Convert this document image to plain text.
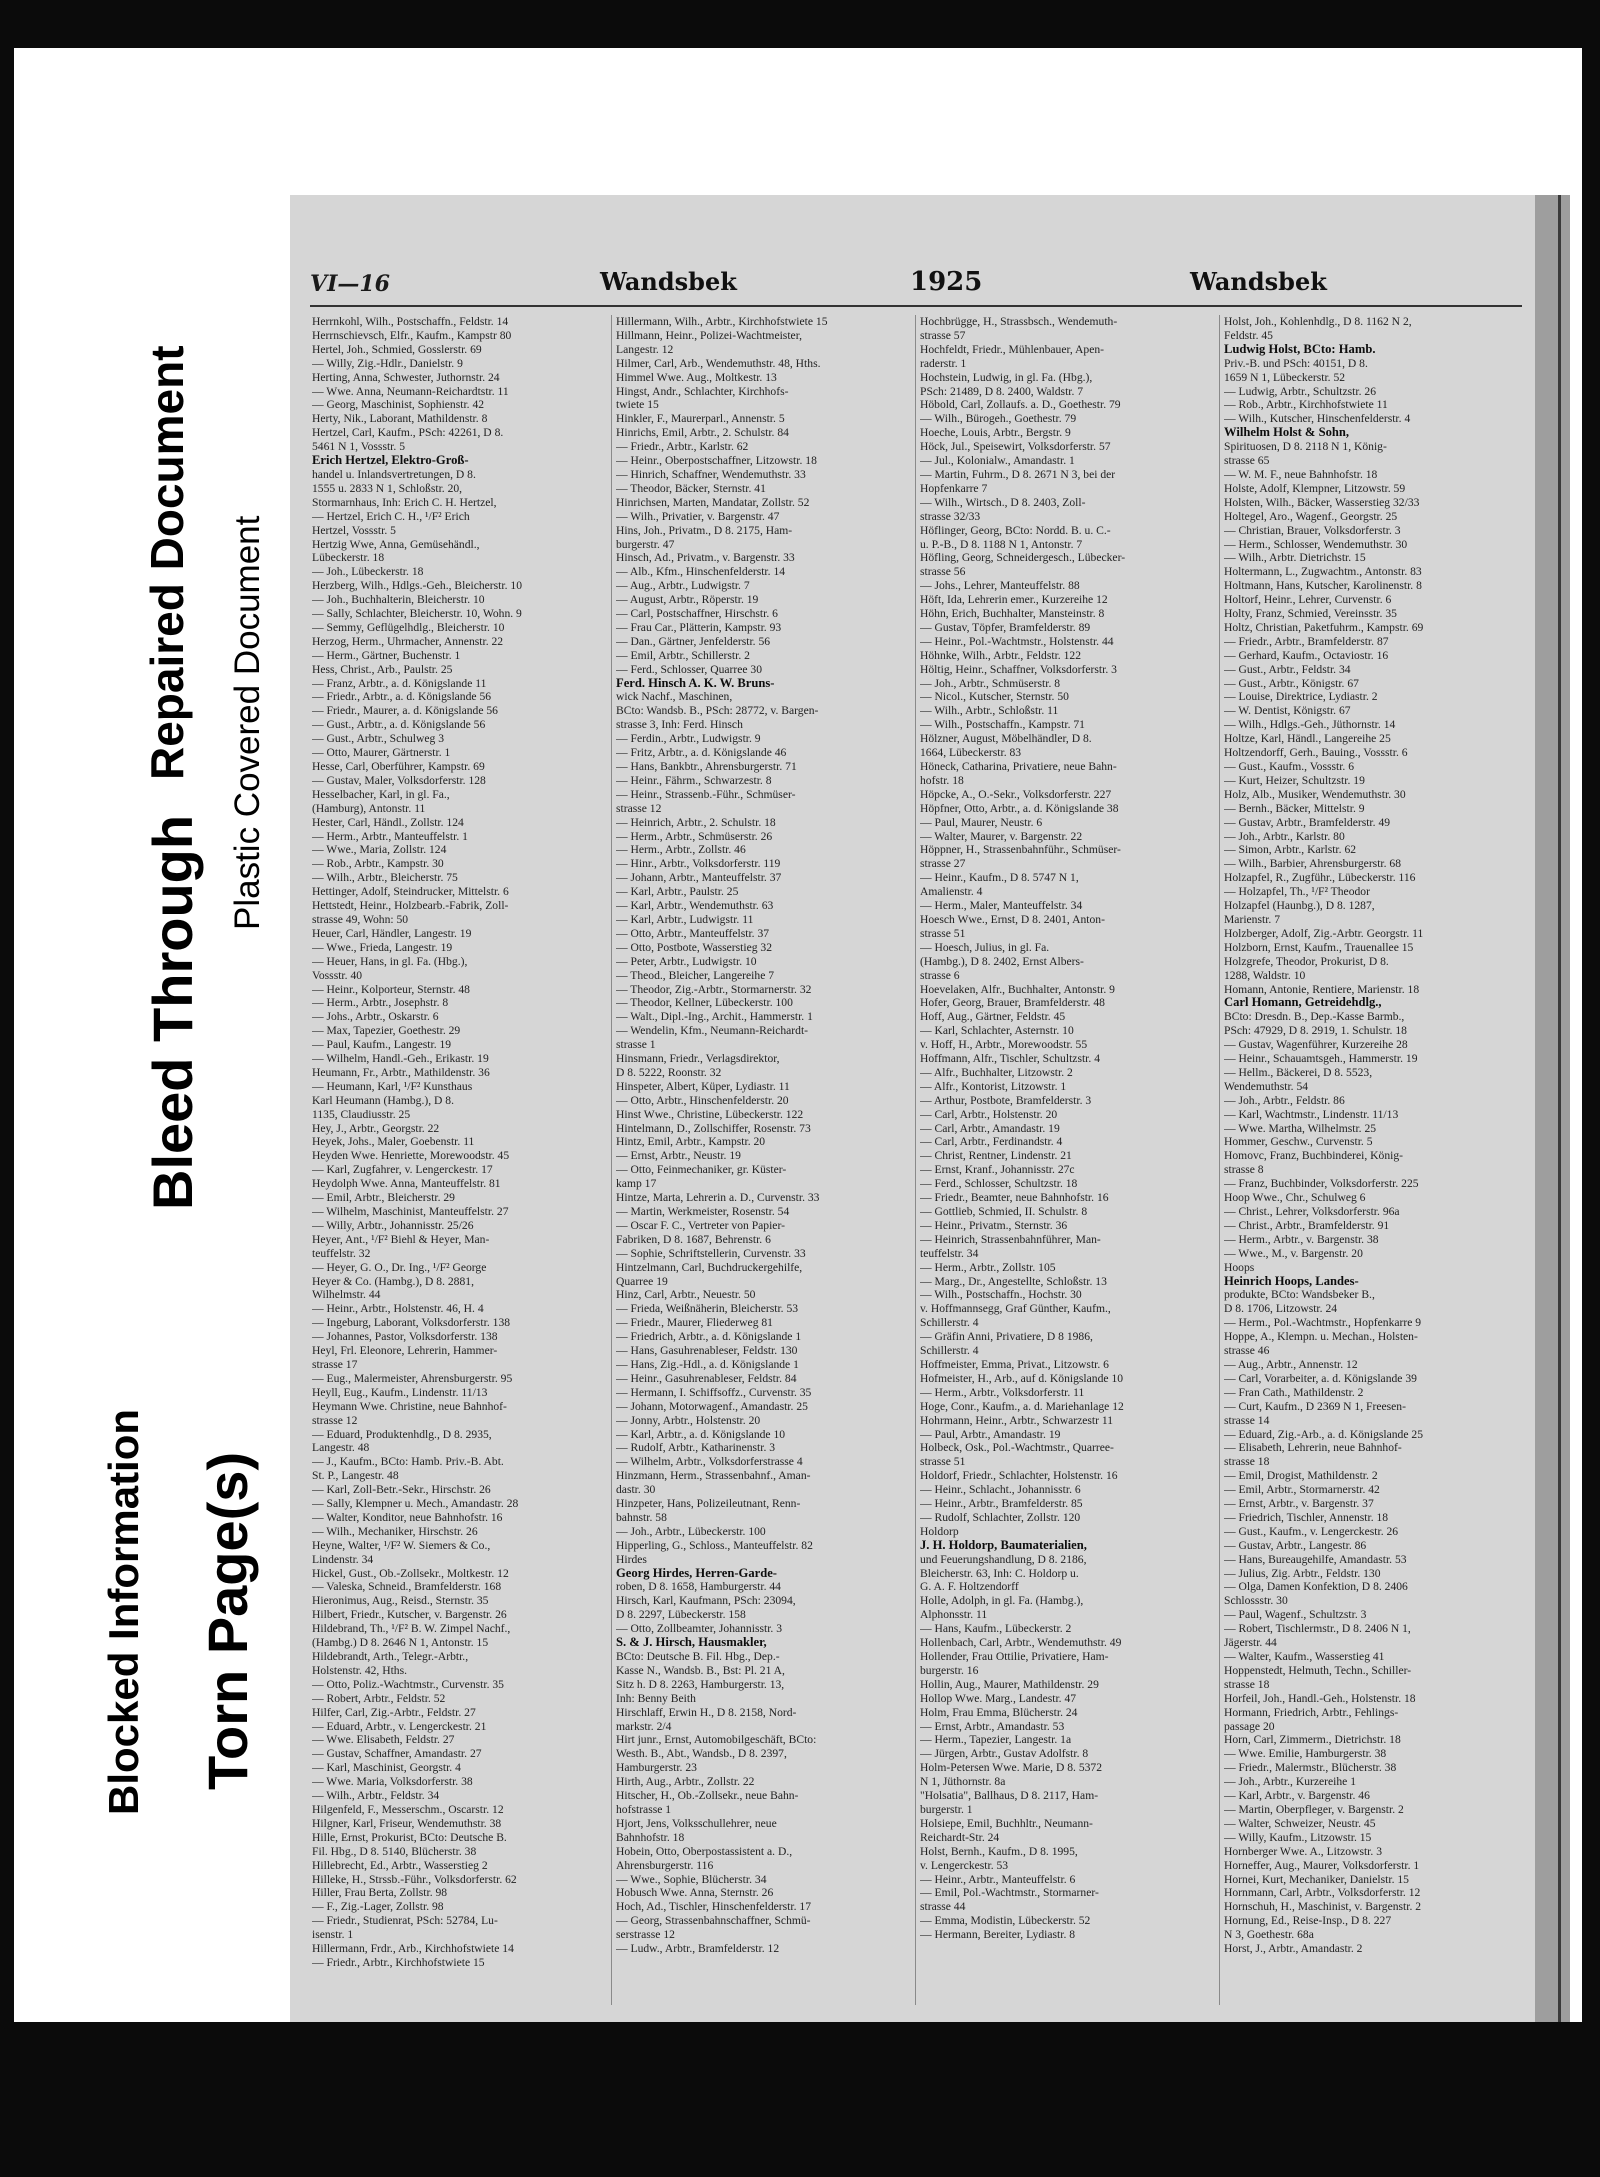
Plastic Covered Document
Repaired Document
Bleed Through
Torn Page(s)
Blocked Information
VI—16	Wandsbek	1925	Wandsbek
Herrnkohl, Wilh., Postschaffn., Feldstr. 14
Herrnschievsch, Elfr., Kaufm., Kampstr 80
Hertel, Joh., Schmied, Gosslerstr. 69
— Willy, Zig.-Hdlr., Danielstr. 9
Herting, Anna, Schwester, Juthornstr. 24
— Wwe. Anna, Neumann-Reichardtstr. 11
— Georg, Maschinist, Sophienstr. 42
Herty, Nik., Laborant, Mathildenstr. 8
Hertzel, Carl, Kaufm., PSch: 42261, D 8.
5461 N 1, Vossstr. 5
Erich Hertzel, Elektro-Groß-
handel u. Inlandsvertretungen, D 8.
1555 u. 2833 N 1, Schloßstr. 20,
Stormarnhaus, Inh: Erich C. H. Hertzel,
— Hertzel, Erich C. H., ¹/F² Erich
Hertzel, Vossstr. 5
Hertzig Wwe, Anna, Gemüsehändl.,
Lübeckerstr. 18
— Joh., Lübeckerstr. 18
Herzberg, Wilh., Hdlgs.-Geh., Bleicherstr. 10
— Joh., Buchhalterin, Bleicherstr. 10
— Sally, Schlachter, Bleicherstr. 10, Wohn. 9
— Semmy, Geflügelhdlg., Bleicherstr. 10
Herzog, Herm., Uhrmacher, Annenstr. 22
— Herm., Gärtner, Buchenstr. 1
Hess, Christ., Arb., Paulstr. 25
— Franz, Arbtr., a. d. Königslande 11
— Friedr., Arbtr., a. d. Königslande 56
— Friedr., Maurer, a. d. Königslande 56
— Gust., Arbtr., a. d. Königslande 56
— Gust., Arbtr., Schulweg 3
— Otto, Maurer, Gärtnerstr. 1
Hesse, Carl, Oberführer, Kampstr. 69
— Gustav, Maler, Volksdorferstr. 128
Hesselbacher, Karl, in gl. Fa.,
(Hamburg), Antonstr. 11
Hester, Carl, Händl., Zollstr. 124
— Herm., Arbtr., Manteuffelstr. 1
— Wwe., Maria, Zollstr. 124
— Rob., Arbtr., Kampstr. 30
— Wilh., Arbtr., Bleicherstr. 75
Hettinger, Adolf, Steindrucker, Mittelstr. 6
Hettstedt, Heinr., Holzbearb.-Fabrik, Zoll-
strasse 49, Wohn: 50
Heuer, Carl, Händler, Langestr. 19
— Wwe., Frieda, Langestr. 19
— Heuer, Hans, in gl. Fa. (Hbg.),
Vossstr. 40
— Heinr., Kolporteur, Sternstr. 48
— Herm., Arbtr., Josephstr. 8
— Johs., Arbtr., Oskarstr. 6
— Max, Tapezier, Goethestr. 29
— Paul, Kaufm., Langestr. 19
— Wilhelm, Handl.-Geh., Erikastr. 19
Heumann, Fr., Arbtr., Mathildenstr. 36
— Heumann, Karl, ¹/F² Kunsthaus
Karl Heumann (Hambg.), D 8.
1135, Claudiusstr. 25
Hey, J., Arbtr., Georgstr. 22
Heyek, Johs., Maler, Goebenstr. 11
Heyden Wwe. Henriette, Morewoodstr. 45
— Karl, Zugfahrer, v. Lengerckestr. 17
Heydolph Wwe. Anna, Manteuffelstr. 81
— Emil, Arbtr., Bleicherstr. 29
— Wilhelm, Maschinist, Manteuffelstr. 27
— Willy, Arbtr., Johannisstr. 25/26
Heyer, Ant., ¹/F² Biehl & Heyer, Man-
teuffelstr. 32
— Heyer, G. O., Dr. Ing., ¹/F² George
Heyer & Co. (Hambg.), D 8. 2881,
Wilhelmstr. 44
— Heinr., Arbtr., Holstenstr. 46, H. 4
— Ingeburg, Laborant, Volksdorferstr. 138
— Johannes, Pastor, Volksdorferstr. 138
Heyl, Frl. Eleonore, Lehrerin, Hammer-
strasse 17
— Eug., Malermeister, Ahrensburgerstr. 95
Heyll, Eug., Kaufm., Lindenstr. 11/13
Heymann Wwe. Christine, neue Bahnhof-
strasse 12
— Eduard, Produktenhdlg., D 8. 2935,
Langestr. 48
— J., Kaufm., BCto: Hamb. Priv.-B. Abt.
St. P., Langestr. 48
— Karl, Zoll-Betr.-Sekr., Hirschstr. 26
— Sally, Klempner u. Mech., Amandastr. 28
— Walter, Konditor, neue Bahnhofstr. 16
— Wilh., Mechaniker, Hirschstr. 26
Heyne, Walter, ¹/F² W. Siemers & Co.,
Lindenstr. 34
Hickel, Gust., Ob.-Zollsekr., Moltkestr. 12
— Valeska, Schneid., Bramfelderstr. 168
Hieronimus, Aug., Reisd., Sternstr. 35
Hilbert, Friedr., Kutscher, v. Bargenstr. 26
Hildebrand, Th., ¹/F² B. W. Zimpel Nachf.,
(Hambg.) D 8. 2646 N 1, Antonstr. 15
Hildebrandt, Arth., Telegr.-Arbtr.,
Holstenstr. 42, Hths.
— Otto, Poliz.-Wachtmstr., Curvenstr. 35
— Robert, Arbtr., Feldstr. 52
Hilfer, Carl, Zig.-Arbtr., Feldstr. 27
— Eduard, Arbtr., v. Lengerckestr. 21
— Wwe. Elisabeth, Feldstr. 27
— Gustav, Schaffner, Amandastr. 27
— Karl, Maschinist, Georgstr. 4
— Wwe. Maria, Volksdorferstr. 38
— Wilh., Arbtr., Feldstr. 34
Hilgenfeld, F., Messerschm., Oscarstr. 12
Hilgner, Karl, Friseur, Wendemuthstr. 38
Hille, Ernst, Prokurist, BCto: Deutsche B.
Fil. Hbg., D 8. 5140, Blücherstr. 38
Hillebrecht, Ed., Arbtr., Wasserstieg 2
Hilleke, H., Strssb.-Führ., Volksdorferstr. 62
Hiller, Frau Berta, Zollstr. 98
— F., Zig.-Lager, Zollstr. 98
— Friedr., Studienrat, PSch: 52784, Lu-
isenstr. 1
Hillermann, Frdr., Arb., Kirchhofstwiete 14
— Friedr., Arbtr., Kirchhofstwiete 15
Hillermann, Wilh., Arbtr., Kirchhofstwiete 15
Hillmann, Heinr., Polizei-Wachtmeister,
Langestr. 12
Hilmer, Carl, Arb., Wendemuthstr. 48, Hths.
Himmel Wwe. Aug., Moltkestr. 13
Hingst, Andr., Schlachter, Kirchhofs-
twiete 15
Hinkler, F., Maurerparl., Annenstr. 5
Hinrichs, Emil, Arbtr., 2. Schulstr. 84
— Friedr., Arbtr., Karlstr. 62
— Heinr., Oberpostschaffner, Litzowstr. 18
— Hinrich, Schaffner, Wendemuthstr. 33
— Theodor, Bäcker, Sternstr. 41
Hinrichsen, Marten, Mandatar, Zollstr. 52
— Wilh., Privatier, v. Bargenstr. 47
Hins, Joh., Privatm., D 8. 2175, Ham-
burgerstr. 47
Hinsch, Ad., Privatm., v. Bargenstr. 33
— Alb., Kfm., Hinschenfelderstr. 14
— Aug., Arbtr., Ludwigstr. 7
— August, Arbtr., Röperstr. 19
— Carl, Postschaffner, Hirschstr. 6
— Frau Car., Plätterin, Kampstr. 93
— Dan., Gärtner, Jenfelderstr. 56
— Emil, Arbtr., Schillerstr. 2
— Ferd., Schlosser, Quarree 30
Ferd. Hinsch A. K. W. Bruns-
wick Nachf., Maschinen,
BCto: Wandsb. B., PSch: 28772, v. Bargen-
strasse 3, Inh: Ferd. Hinsch
— Ferdin., Arbtr., Ludwigstr. 9
— Fritz, Arbtr., a. d. Königslande 46
— Hans, Bankbtr., Ahrensburgerstr. 71
— Heinr., Fährm., Schwarzestr. 8
— Heinr., Strassenb.-Führ., Schmüser-
strasse 12
— Heinrich, Arbtr., 2. Schulstr. 18
— Herm., Arbtr., Schmüserstr. 26
— Herm., Arbtr., Zollstr. 46
— Hinr., Arbtr., Volksdorferstr. 119
— Johann, Arbtr., Manteuffelstr. 37
— Karl, Arbtr., Paulstr. 25
— Karl, Arbtr., Wendemuthstr. 63
— Karl, Arbtr., Ludwigstr. 11
— Otto, Arbtr., Manteuffelstr. 37
— Otto, Postbote, Wasserstieg 32
— Peter, Arbtr., Ludwigstr. 10
— Theod., Bleicher, Langereihe 7
— Theodor, Zig.-Arbtr., Stormarnerstr. 32
— Theodor, Kellner, Lübeckerstr. 100
— Walt., Dipl.-Ing., Archit., Hammerstr. 1
— Wendelin, Kfm., Neumann-Reichardt-
strasse 1
Hinsmann, Friedr., Verlagsdirektor,
D 8. 5222, Roonstr. 32
Hinspeter, Albert, Küper, Lydiastr. 11
— Otto, Arbtr., Hinschenfelderstr. 20
Hinst Wwe., Christine, Lübeckerstr. 122
Hintelmann, D., Zollschiffer, Rosenstr. 73
Hintz, Emil, Arbtr., Kampstr. 20
— Ernst, Arbtr., Neustr. 19
— Otto, Feinmechaniker, gr. Küster-
kamp 17
Hintze, Marta, Lehrerin a. D., Curvenstr. 33
— Martin, Werkmeister, Rosenstr. 54
— Oscar F. C., Vertreter von Papier-
Fabriken, D 8. 1687, Behrenstr. 6
— Sophie, Schriftstellerin, Curvenstr. 33
Hintzelmann, Carl, Buchdruckergehilfe,
Quarree 19
Hinz, Carl, Arbtr., Neuestr. 50
— Frieda, Weißnäherin, Bleicherstr. 53
— Friedr., Maurer, Fliederweg 81
— Friedrich, Arbtr., a. d. Königslande 1
— Hans, Gasuhrenableser, Feldstr. 130
— Hans, Zig.-Hdl., a. d. Königslande 1
— Heinr., Gasuhrenableser, Feldstr. 84
— Hermann, I. Schiffsoffz., Curvenstr. 35
— Johann, Motorwagenf., Amandastr. 25
— Jonny, Arbtr., Holstenstr. 20
— Karl, Arbtr., a. d. Königslande 10
— Rudolf, Arbtr., Katharinenstr. 3
— Wilhelm, Arbtr., Volksdorferstrasse 4
Hinzmann, Herm., Strassenbahnf., Aman-
dastr. 30
Hinzpeter, Hans, Polizeileutnant, Renn-
bahnstr. 58
— Joh., Arbtr., Lübeckerstr. 100
Hipperling, G., Schloss., Manteuffelstr. 82
Hirdes
Georg Hirdes, Herren-Garde-
roben, D 8. 1658, Hamburgerstr. 44
Hirsch, Karl, Kaufmann, PSch: 23094,
D 8. 2297, Lübeckerstr. 158
— Otto, Zollbeamter, Johannisstr. 3
S. & J. Hirsch, Hausmakler,
BCto: Deutsche B. Fil. Hbg., Dep.-
Kasse N., Wandsb. B., Bst: Pl. 21 A,
Sitz h. D 8. 2263, Hamburgerstr. 13,
Inh: Benny Beith
Hirschlaff, Erwin H., D 8. 2158, Nord-
markstr. 2/4
Hirt junr., Ernst, Automobilgeschäft, BCto:
Westh. B., Abt., Wandsb., D 8. 2397,
Hamburgerstr. 23
Hirth, Aug., Arbtr., Zollstr. 22
Hitscher, H., Ob.-Zollsekr., neue Bahn-
hofstrasse 1
Hjort, Jens, Volksschullehrer, neue
Bahnhofstr. 18
Hobein, Otto, Oberpostassistent a. D.,
Ahrensburgerstr. 116
— Wwe., Sophie, Blücherstr. 34
Hobusch Wwe. Anna, Sternstr. 26
Hoch, Ad., Tischler, Hinschenfelderstr. 17
— Georg, Strassenbahnschaffner, Schmü-
serstrasse 12
— Ludw., Arbtr., Bramfelderstr. 12
Hochbrügge, H., Strassbsch., Wendemuth-
strasse 57
Hochfeldt, Friedr., Mühlenbauer, Apen-
raderstr. 1
Hochstein, Ludwig, in gl. Fa. (Hbg.),
PSch: 21489, D 8. 2400, Waldstr. 7
Höbold, Carl, Zollaufs. a. D., Goethestr. 79
— Wilh., Bürogeh., Goethestr. 79
Hoeche, Louis, Arbtr., Bergstr. 9
Höck, Jul., Speisewirt, Volksdorferstr. 57
— Jul., Kolonialw., Amandastr. 1
— Martin, Fuhrm., D 8. 2671 N 3, bei der
Hopfenkarre 7
— Wilh., Wirtsch., D 8. 2403, Zoll-
strasse 32/33
Höflinger, Georg, BCto: Nordd. B. u. C.-
u. P.-B., D 8. 1188 N 1, Antonstr. 7
Höfling, Georg, Schneidergesch., Lübecker-
strasse 56
— Johs., Lehrer, Manteuffelstr. 88
Höft, Ida, Lehrerin emer., Kurzereihe 12
Höhn, Erich, Buchhalter, Mansteinstr. 8
— Gustav, Töpfer, Bramfelderstr. 89
— Heinr., Pol.-Wachtmstr., Holstenstr. 44
Höhnke, Wilh., Arbtr., Feldstr. 122
Höltig, Heinr., Schaffner, Volksdorferstr. 3
— Joh., Arbtr., Schmüserstr. 8
— Nicol., Kutscher, Sternstr. 50
— Wilh., Arbtr., Schloßstr. 11
— Wilh., Postschaffn., Kampstr. 71
Hölzner, August, Möbelhändler, D 8.
1664, Lübeckerstr. 83
Höneck, Catharina, Privatiere, neue Bahn-
hofstr. 18
Höpcke, A., O.-Sekr., Volksdorferstr. 227
Höpfner, Otto, Arbtr., a. d. Königslande 38
— Paul, Maurer, Neustr. 6
— Walter, Maurer, v. Bargenstr. 22
Höppner, H., Strassenbahnführ., Schmüser-
strasse 27
— Heinr., Kaufm., D 8. 5747 N 1,
Amalienstr. 4
— Herm., Maler, Manteuffelstr. 34
Hoesch Wwe., Ernst, D 8. 2401, Anton-
strasse 51
— Hoesch, Julius, in gl. Fa.
(Hambg.), D 8. 2402, Ernst Albers-
strasse 6
Hoevelaken, Alfr., Buchhalter, Antonstr. 9
Hofer, Georg, Brauer, Bramfelderstr. 48
Hoff, Aug., Gärtner, Feldstr. 45
— Karl, Schlachter, Asternstr. 10
v. Hoff, H., Arbtr., Morewoodstr. 55
Hoffmann, Alfr., Tischler, Schultzstr. 4
— Alfr., Buchhalter, Litzowstr. 2
— Alfr., Kontorist, Litzowstr. 1
— Arthur, Postbote, Bramfelderstr. 3
— Carl, Arbtr., Holstenstr. 20
— Carl, Arbtr., Amandastr. 19
— Carl, Arbtr., Ferdinandstr. 4
— Christ, Rentner, Lindenstr. 21
— Ernst, Kranf., Johannisstr. 27c
— Ferd., Schlosser, Schultzstr. 18
— Friedr., Beamter, neue Bahnhofstr. 16
— Gottlieb, Schmied, II. Schulstr. 8
— Heinr., Privatm., Sternstr. 36
— Heinrich, Strassenbahnführer, Man-
teuffelstr. 34
— Herm., Arbtr., Zollstr. 105
— Marg., Dr., Angestellte, Schloßstr. 13
— Wilh., Postschaffn., Hochstr. 30
v. Hoffmannsegg, Graf Günther, Kaufm.,
Schillerstr. 4
— Gräfin Anni, Privatiere, D 8 1986,
Schillerstr. 4
Hoffmeister, Emma, Privat., Litzowstr. 6
Hofmeister, H., Arb., auf d. Königslande 10
— Herm., Arbtr., Volksdorferstr. 11
Hoge, Conr., Kaufm., a. d. Mariehanlage 12
Hohrmann, Heinr., Arbtr., Schwarzestr 11
— Paul, Arbtr., Amandastr. 19
Holbeck, Osk., Pol.-Wachtmstr., Quarree-
strasse 51
Holdorf, Friedr., Schlachter, Holstenstr. 16
— Heinr., Schlacht., Johannisstr. 6
— Heinr., Arbtr., Bramfelderstr. 85
— Rudolf, Schlachter, Zollstr. 120
Holdorp
J. H. Holdorp, Baumaterialien,
und Feuerungshandlung, D 8. 2186,
Bleicherstr. 63, Inh: C. Holdorp u.
G. A. F. Holtzendorff
Holle, Adolph, in gl. Fa. (Hambg.),
Alphonsstr. 11
— Hans, Kaufm., Lübeckerstr. 2
Hollenbach, Carl, Arbtr., Wendemuthstr. 49
Hollender, Frau Ottilie, Privatiere, Ham-
burgerstr. 16
Hollin, Aug., Maurer, Mathildenstr. 29
Hollop Wwe. Marg., Landestr. 47
Holm, Frau Emma, Blücherstr. 24
— Ernst, Arbtr., Amandastr. 53
— Herm., Tapezier, Langestr. 1a
— Jürgen, Arbtr., Gustav Adolfstr. 8
Holm-Petersen Wwe. Marie, D 8. 5372
N 1, Jüthornstr. 8a
"Holsatia", Ballhaus, D 8. 2117, Ham-
burgerstr. 1
Holsiepe, Emil, Buchhltr., Neumann-
Reichardt-Str. 24
Holst, Bernh., Kaufm., D 8. 1995,
v. Lengerckestr. 53
— Heinr., Arbtr., Manteuffelstr. 6
— Emil, Pol.-Wachtmstr., Stormarner-
strasse 44
— Emma, Modistin, Lübeckerstr. 52
— Hermann, Bereiter, Lydiastr. 8
Holst, Joh., Kohlenhdlg., D 8. 1162 N 2,
Feldstr. 45
Ludwig Holst, BCto: Hamb.
Priv.-B. und PSch: 40151, D 8.
1659 N 1, Lübeckerstr. 52
— Ludwig, Arbtr., Schultzstr. 26
— Rob., Arbtr., Kirchhofstwiete 11
— Wilh., Kutscher, Hinschenfelderstr. 4
Wilhelm Holst & Sohn,
Spirituosen, D 8. 2118 N 1, König-
strasse 65
— W. M. F., neue Bahnhofstr. 18
Holste, Adolf, Klempner, Litzowstr. 59
Holsten, Wilh., Bäcker, Wasserstieg 32/33
Holtegel, Aro., Wagenf., Georgstr. 25
— Christian, Brauer, Volksdorferstr. 3
— Herm., Schlosser, Wendemuthstr. 30
— Wilh., Arbtr. Dietrichstr. 15
Holtermann, L., Zugwachtm., Antonstr. 83
Holtmann, Hans, Kutscher, Karolinenstr. 8
Holtorf, Heinr., Lehrer, Curvenstr. 6
Holty, Franz, Schmied, Vereinsstr. 35
Holtz, Christian, Paketfuhrm., Kampstr. 69
— Friedr., Arbtr., Bramfelderstr. 87
— Gerhard, Kaufm., Octaviostr. 16
— Gust., Arbtr., Feldstr. 34
— Gust., Arbtr., Königstr. 67
— Louise, Direktrice, Lydiastr. 2
— W. Dentist, Königstr. 67
— Wilh., Hdlgs.-Geh., Jüthornstr. 14
Holtze, Karl, Händl., Langereihe 25
Holtzendorff, Gerh., Bauing., Vossstr. 6
— Gust., Kaufm., Vossstr. 6
— Kurt, Heizer, Schultzstr. 19
Holz, Alb., Musiker, Wendemuthstr. 30
— Bernh., Bäcker, Mittelstr. 9
— Gustav, Arbtr., Bramfelderstr. 49
— Joh., Arbtr., Karlstr. 80
— Simon, Arbtr., Karlstr. 62
— Wilh., Barbier, Ahrensburgerstr. 68
Holzapfel, R., Zugführ., Lübeckerstr. 116
— Holzapfel, Th., ¹/F² Theodor
Holzapfel (Haunbg.), D 8. 1287,
Marienstr. 7
Holzberger, Adolf, Zig.-Arbtr. Georgstr. 11
Holzborn, Ernst, Kaufm., Trauenallee 15
Holzgrefe, Theodor, Prokurist, D 8.
1288, Waldstr. 10
Homann, Antonie, Rentiere, Marienstr. 18
Carl Homann, Getreidehdlg.,
BCto: Dresdn. B., Dep.-Kasse Barmb.,
PSch: 47929, D 8. 2919, 1. Schulstr. 18
— Gustav, Wagenführer, Kurzereihe 28
— Heinr., Schauamtsgeh., Hammerstr. 19
— Hellm., Bäckerei, D 8. 5523,
Wendemuthstr. 54
— Joh., Arbtr., Feldstr. 86
— Karl, Wachtmstr., Lindenstr. 11/13
— Wwe. Martha, Wilhelmstr. 25
Hommer, Geschw., Curvenstr. 5
Homovc, Franz, Buchbinderei, König-
strasse 8
— Franz, Buchbinder, Volksdorferstr. 225
Hoop Wwe., Chr., Schulweg 6
— Christ., Lehrer, Volksdorferstr. 96a
— Christ., Arbtr., Bramfelderstr. 91
— Herm., Arbtr., v. Bargenstr. 38
— Wwe., M., v. Bargenstr. 20
Hoops
Heinrich Hoops, Landes-
produkte, BCto: Wandsbeker B.,
D 8. 1706, Litzowstr. 24
— Herm., Pol.-Wachtmstr., Hopfenkarre 9
Hoppe, A., Klempn. u. Mechan., Holsten-
strasse 46
— Aug., Arbtr., Annenstr. 12
— Carl, Vorarbeiter, a. d. Königslande 39
— Fran Cath., Mathildenstr. 2
— Curt, Kaufm., D 2369 N 1, Freesen-
strasse 14
— Eduard, Zig.-Arb., a. d. Königslande 25
— Elisabeth, Lehrerin, neue Bahnhof-
strasse 18
— Emil, Drogist, Mathildenstr. 2
— Emil, Arbtr., Stormarnerstr. 42
— Ernst, Arbtr., v. Bargenstr. 37
— Friedrich, Tischler, Annenstr. 18
— Gust., Kaufm., v. Lengerckestr. 26
— Gustav, Arbtr., Langestr. 86
— Hans, Bureaugehilfe, Amandastr. 53
— Julius, Zig. Arbtr., Feldstr. 130
— Olga, Damen Konfektion, D 8. 2406
Schlossstr. 30
— Paul, Wagenf., Schultzstr. 3
— Robert, Tischlermstr., D 8. 2406 N 1,
Jägerstr. 44
— Walter, Kaufm., Wasserstieg 41
Hoppenstedt, Helmuth, Techn., Schiller-
strasse 18
Horfeil, Joh., Handl.-Geh., Holstenstr. 18
Hormann, Friedrich, Arbtr., Fehlings-
passage 20
Horn, Carl, Zimmerm., Dietrichstr. 18
— Wwe. Emilie, Hamburgerstr. 38
— Friedr., Malermstr., Blücherstr. 38
— Joh., Arbtr., Kurzereihe 1
— Karl, Arbtr., v. Bargenstr. 46
— Martin, Oberpfleger, v. Bargenstr. 2
— Walter, Schweizer, Neustr. 45
— Willy, Kaufm., Litzowstr. 15
Hornberger Wwe. A., Litzowstr. 3
Horneffer, Aug., Maurer, Volksdorferstr. 1
Hornei, Kurt, Mechaniker, Danielstr. 15
Hornmann, Carl, Arbtr., Volksdorferstr. 12
Hornschuh, H., Maschinist, v. Bargenstr. 2
Hornung, Ed., Reise-Insp., D 8. 227
N 3, Goethestr. 68a
Horst, J., Arbtr., Amandastr. 2
